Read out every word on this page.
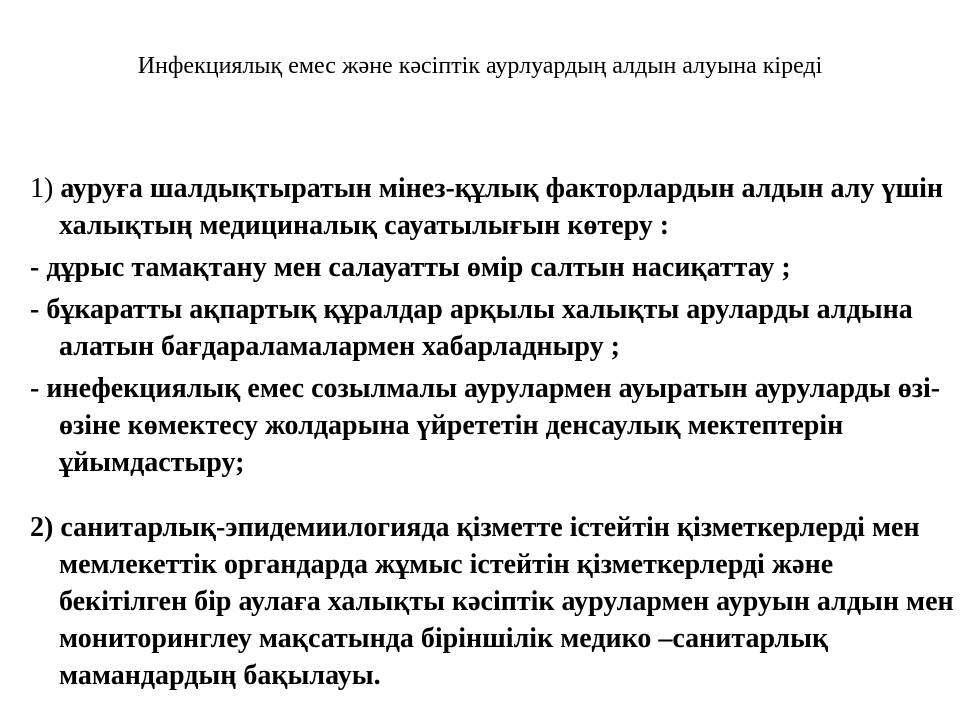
Инфекциялық емес және кәсіптік аурлуардың алдын алуына кіреді
1) ауруға шалдықтыратын мінез-құлық факторлардын алдын алу үшін халықтың медициналық сауатылығын көтеру :
- дұрыс тамақтану мен салауатты өмір салтын насиқаттау ;
- бұкаратты ақпартық құралдар арқылы халықты аруларды алдына алатын бағдараламалармен хабарладныру ;
- инефекциялық емес созылмалы аурулармен ауыратын ауруларды өзі-өзіне көмектесу жолдарына үйрететін денсаулық мектептерін ұйымдастыру;
2) санитарлық-эпидемиилогияда қізметте істейтін қізметкерлерді мен мемлекеттік органдарда жұмыс істейтін қізметкерлерді және бекітілген бір аулаға халықты кәсіптік аурулармен ауруын алдын мен мониторинглеу мақсатында біріншілік медико –санитарлық мамандардың бақылауы.
